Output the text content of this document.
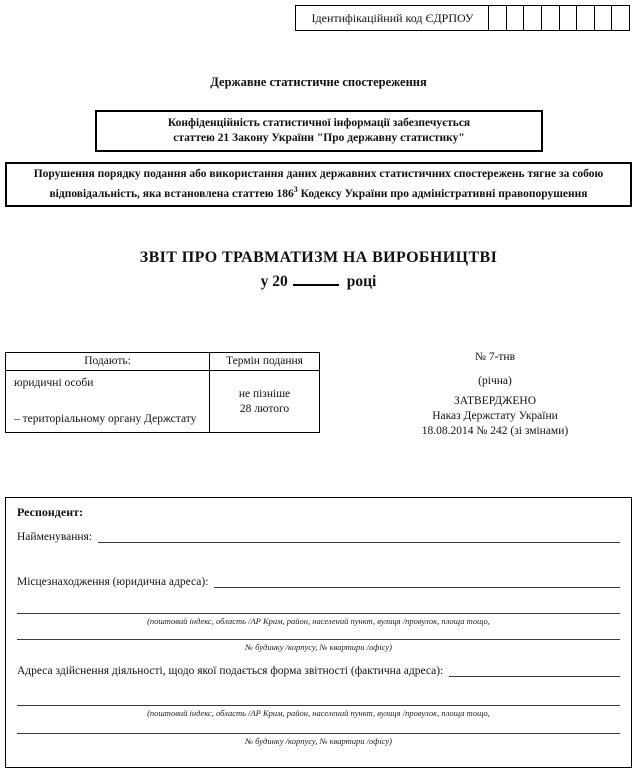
Ідентифікаційний код ЄДРПОУ
Державне статистичне спостереження
Конфіденційність статистичної інформації забезпечується
статтею 21 Закону України "Про державну статистику"
Порушення порядку подання або використання даних державних статистичних спостережень тягне за собою
відповідальність, яка встановлена статтею $186^3$ Кодексу України про адміністративні правопорушення
ЗВІТ ПРО ТРАВМАТИЗМ НА ВИРОБНИЦТВІ
у 20	році
Подають:	Термін подання
юридичні особи
– територіальному органу Держстату
не пізніше
28 лютого
№ 7-тнв
(річна)
ЗАТВЕРДЖЕНО
Наказ Держстату України
18.08.2014 № 242 (зі змінами)
Респондент:
Найменування:
Місцезнаходження (юридична адреса):
(поштовий індекс, область /АР Крим, район, населений пункт, вулиця /провулок, площа тощо,
№ будинку /корпусу, № квартири /офісу)
Адреса здійснення діяльності, щодо якої подається форма звітності (фактична адреса):
(поштовий індекс, область /АР Крим, район, населений пункт, вулиця /провулок, площа тощо,
№ будинку /корпусу, № квартири /офісу)
